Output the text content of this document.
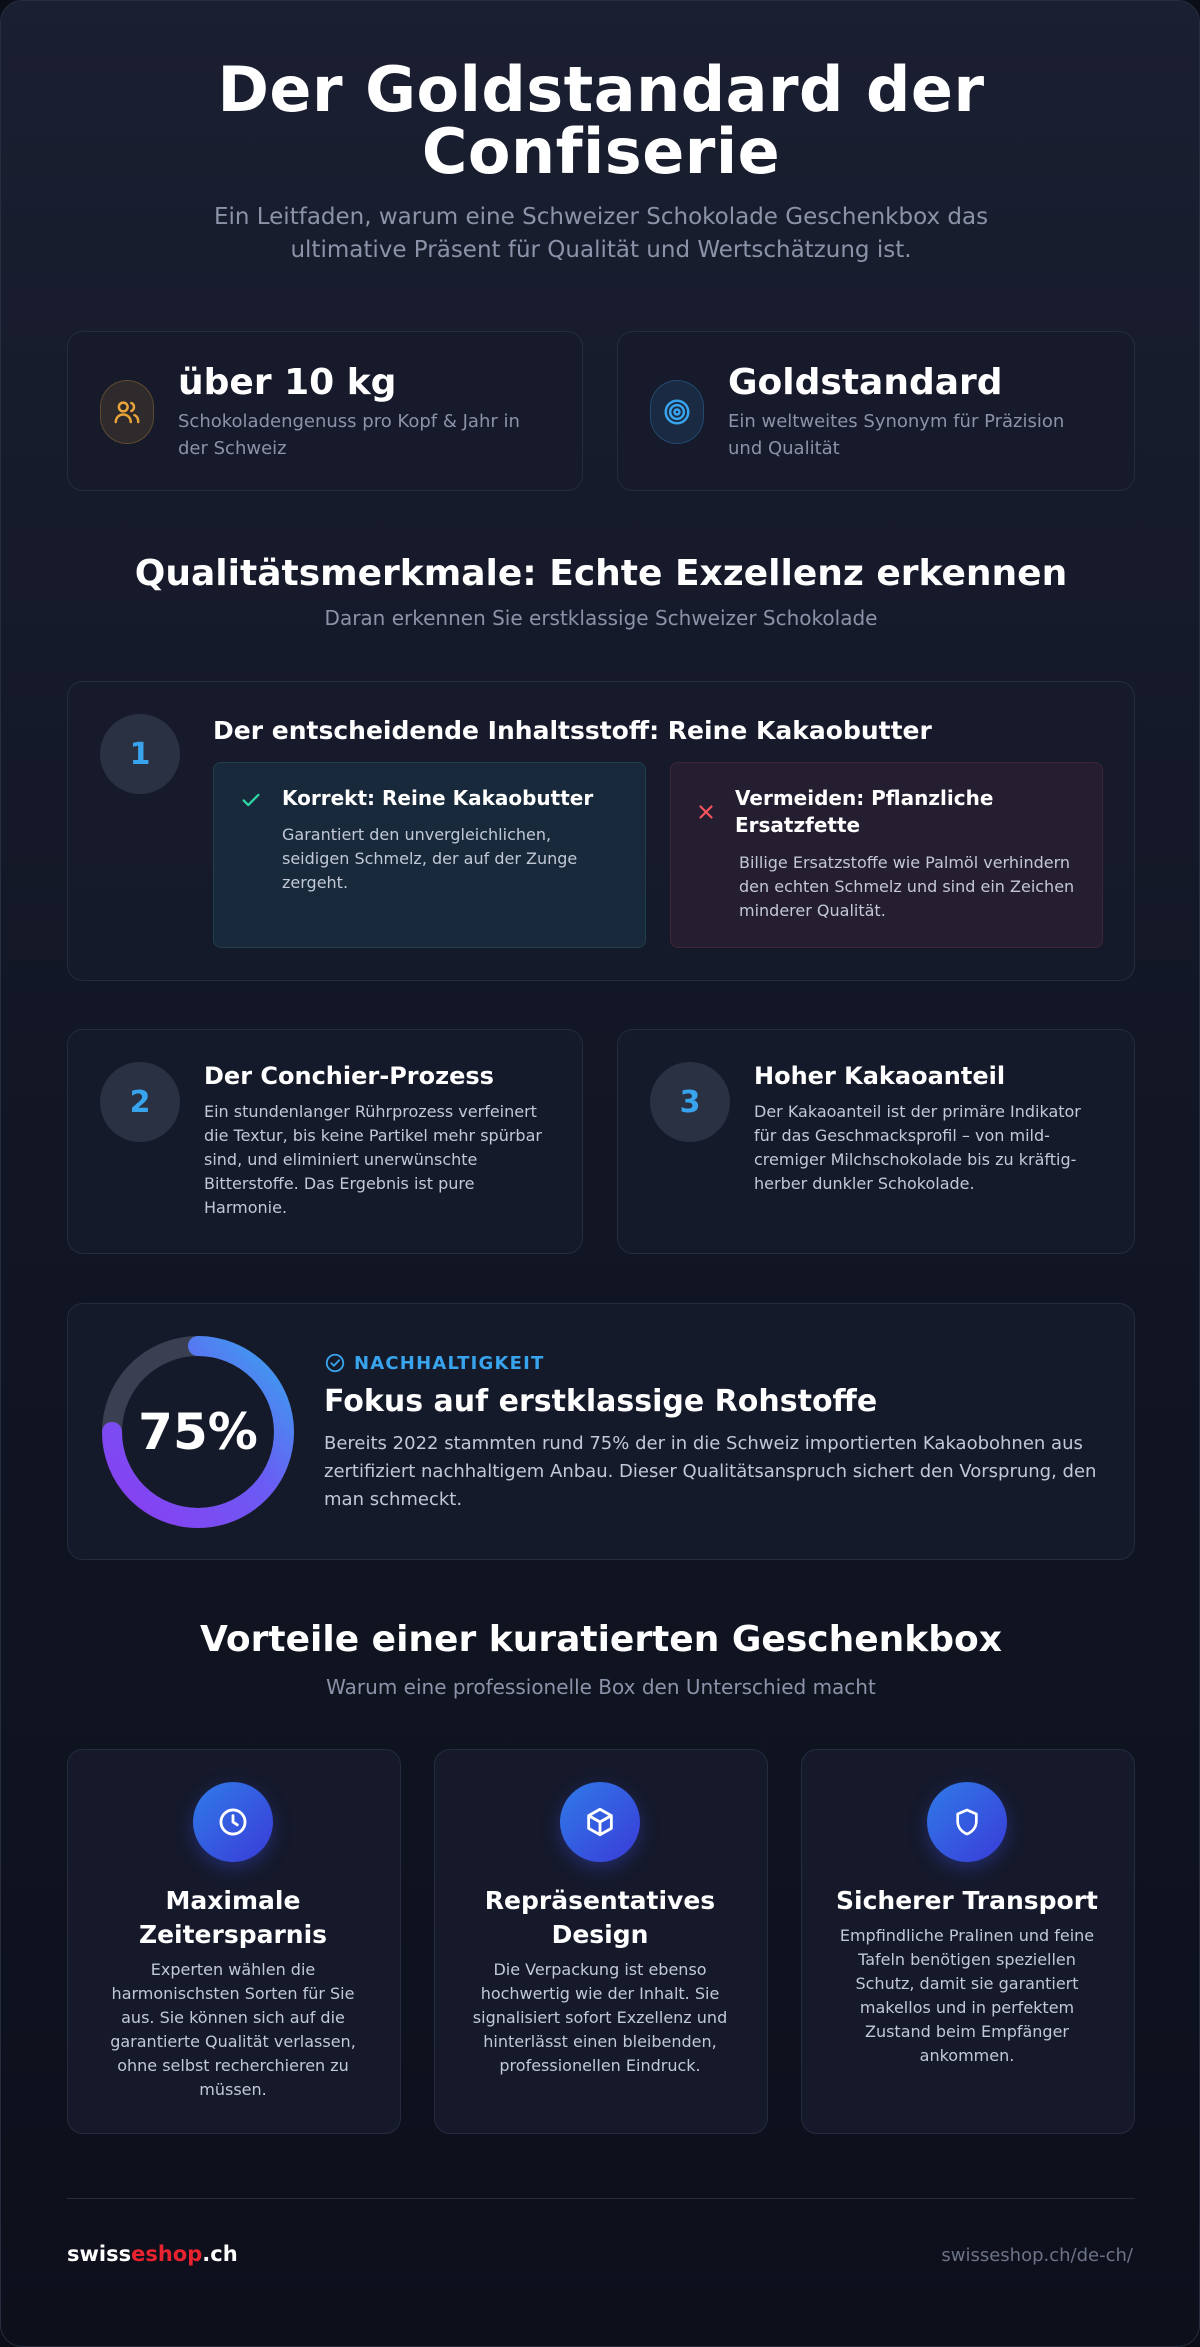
Der Goldstandard der
Confiserie
Ein Leitfaden, warum eine Schweizer Schokolade Geschenkbox das
ultimative Präsent für Qualität und Wertschätzung ist.
über 10 kg
Schokoladengenuss pro Kopf & Jahr in der Schweiz
Goldstandard
Ein weltweites Synonym für Präzision und Qualität
Qualitätsmerkmale: Echte Exzellenz erkennen
Daran erkennen Sie erstklassige Schweizer Schokolade
1
Der entscheidende Inhaltsstoff: Reine Kakaobutter
Korrekt: Reine Kakaobutter
Garantiert den unvergleichlichen, seidigen Schmelz, der auf der Zunge zergeht.
Vermeiden: Pflanzliche Ersatzfette
Billige Ersatzstoffe wie Palmöl verhindern den echten Schmelz und sind ein Zeichen minderer Qualität.
2
Der Conchier-Prozess
Ein stundenlanger Rührprozess verfeinert die Textur, bis keine Partikel mehr spürbar sind, und eliminiert unerwünschte Bitterstoffe. Das Ergebnis ist pure Harmonie.
3
Hoher Kakaoanteil
Der Kakaoanteil ist der primäre Indikator für das Geschmacksprofil – von mild-cremiger Milchschokolade bis zu kräftig-herber dunkler Schokolade.
75%
NACHHALTIGKEIT
Fokus auf erstklassige Rohstoffe
Bereits 2022 stammten rund 75% der in die Schweiz importierten Kakaobohnen aus zertifiziert nachhaltigem Anbau. Dieser Qualitätsanspruch sichert den Vorsprung, den man schmeckt.
Vorteile einer kuratierten Geschenkbox
Warum eine professionelle Box den Unterschied macht
Maximale
Zeitersparnis
Experten wählen die harmonischsten Sorten für Sie aus. Sie können sich auf die garantierte Qualität verlassen, ohne selbst recherchieren zu müssen.
Repräsentatives
Design
Die Verpackung ist ebenso hochwertig wie der Inhalt. Sie signalisiert sofort Exzellenz und hinterlässt einen bleibenden, professionellen Eindruck.
Sicherer Transport
Empfindliche Pralinen und feine Tafeln benötigen speziellen Schutz, damit sie garantiert makellos und in perfektem Zustand beim Empfänger ankommen.
swisseshop.ch	swisseshop.ch/de-ch/
